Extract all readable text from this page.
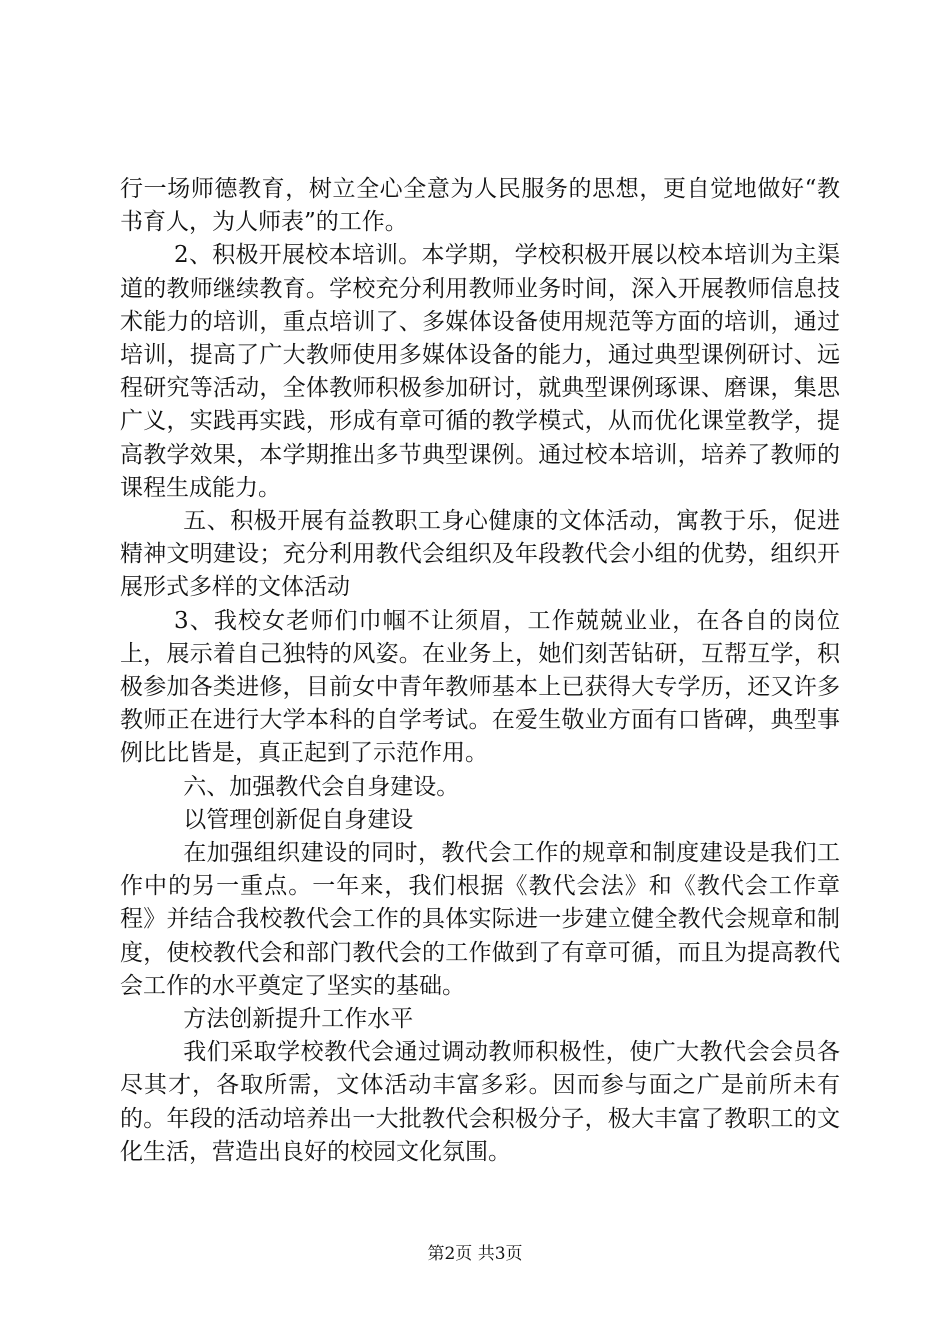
行一场师德教育，树立全心全意为人民服务的思想，更自觉地做好“教书育人，为人师表”的工作。

2、积极开展校本培训。本学期，学校积极开展以校本培训为主渠道的教师继续教育。学校充分利用教师业务时间，深入开展教师信息技术能力的培训，重点培训了、多媒体设备使用规范等方面的培训，通过培训，提高了广大教师使用多媒体设备的能力，通过典型课例研讨、远程研究等活动，全体教师积极参加研讨，就典型课例琢课、磨课，集思广义，实践再实践，形成有章可循的教学模式，从而优化课堂教学，提高教学效果，本学期推出多节典型课例。通过校本培训，培养了教师的课程生成能力。

五、积极开展有益教职工身心健康的文体活动，寓教于乐，促进精神文明建设；充分利用教代会组织及年段教代会小组的优势，组织开展形式多样的文体活动

3、我校女老师们巾帼不让须眉，工作兢兢业业，在各自的岗位上，展示着自己独特的风姿。在业务上，她们刻苦钻研，互帮互学，积极参加各类进修，目前女中青年教师基本上已获得大专学历，还又许多教师正在进行大学本科的自学考试。在爱生敬业方面有口皆碑，典型事例比比皆是，真正起到了示范作用。

六、加强教代会自身建设。

以管理创新促自身建设

在加强组织建设的同时，教代会工作的规章和制度建设是我们工作中的另一重点。一年来，我们根据《教代会法》和《教代会工作章程》并结合我校教代会工作的具体实际进一步建立健全教代会规章和制度，使校教代会和部门教代会的工作做到了有章可循，而且为提高教代会工作的水平奠定了坚实的基础。

方法创新提升工作水平

我们采取学校教代会通过调动教师积极性，使广大教代会会员各尽其才，各取所需，文体活动丰富多彩。因而参与面之广是前所未有的。年段的活动培养出一大批教代会积极分子，极大丰富了教职工的文化生活，营造出良好的校园文化氛围。

第2页 共3页
